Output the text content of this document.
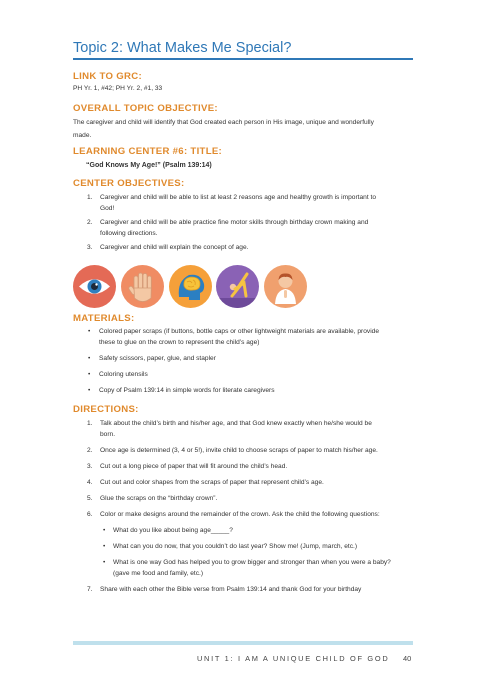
Topic 2: What Makes Me Special?
LINK TO GRC:
PH Yr. 1, #42; PH Yr. 2, #1, 33
OVERALL TOPIC OBJECTIVE:
The caregiver and child will identify that God created each person in His image, unique and wonderfully
made.
LEARNING CENTER #6: TITLE:
“God Knows My Age!” (Psalm 139:14)
CENTER OBJECTIVES:
1. Caregiver and child will be able to list at least 2 reasons age and healthy growth is important to
God!
2. Caregiver and child will be able practice fine motor skills through birthday crown making and
following directions.
3. Caregiver and child will explain the concept of age.
MATERIALS:
• Colored paper scraps (if buttons, bottle caps or other lightweight materials are available, provide
these to glue on the crown to represent the child’s age)
• Safety scissors, paper, glue, and stapler
• Coloring utensils
• Copy of Psalm 139:14 in simple words for literate caregivers
DIRECTIONS:
1. Talk about the child’s birth and his/her age, and that God knew exactly when he/she would be
born.
2. Once age is determined (3, 4 or 5!), invite child to choose scraps of paper to match his/her age.
3. Cut out a long piece of paper that will fit around the child’s head.
4. Cut out and color shapes from the scraps of paper that represent child’s age.
5. Glue the scraps on the “birthday crown”.
6. Color or make designs around the remainder of the crown. Ask the child the following questions:
• What do you like about being age_____?
• What can you do now, that you couldn’t do last year? Show me! (Jump, march, etc.)
• What is one way God has helped you to grow bigger and stronger than when you were a baby?
(gave me food and family, etc.)
7. Share with each other the Bible verse from Psalm 139:14 and thank God for your birthday
UNIT 1: I AM A UNIQUE CHILD OF GOD 40
